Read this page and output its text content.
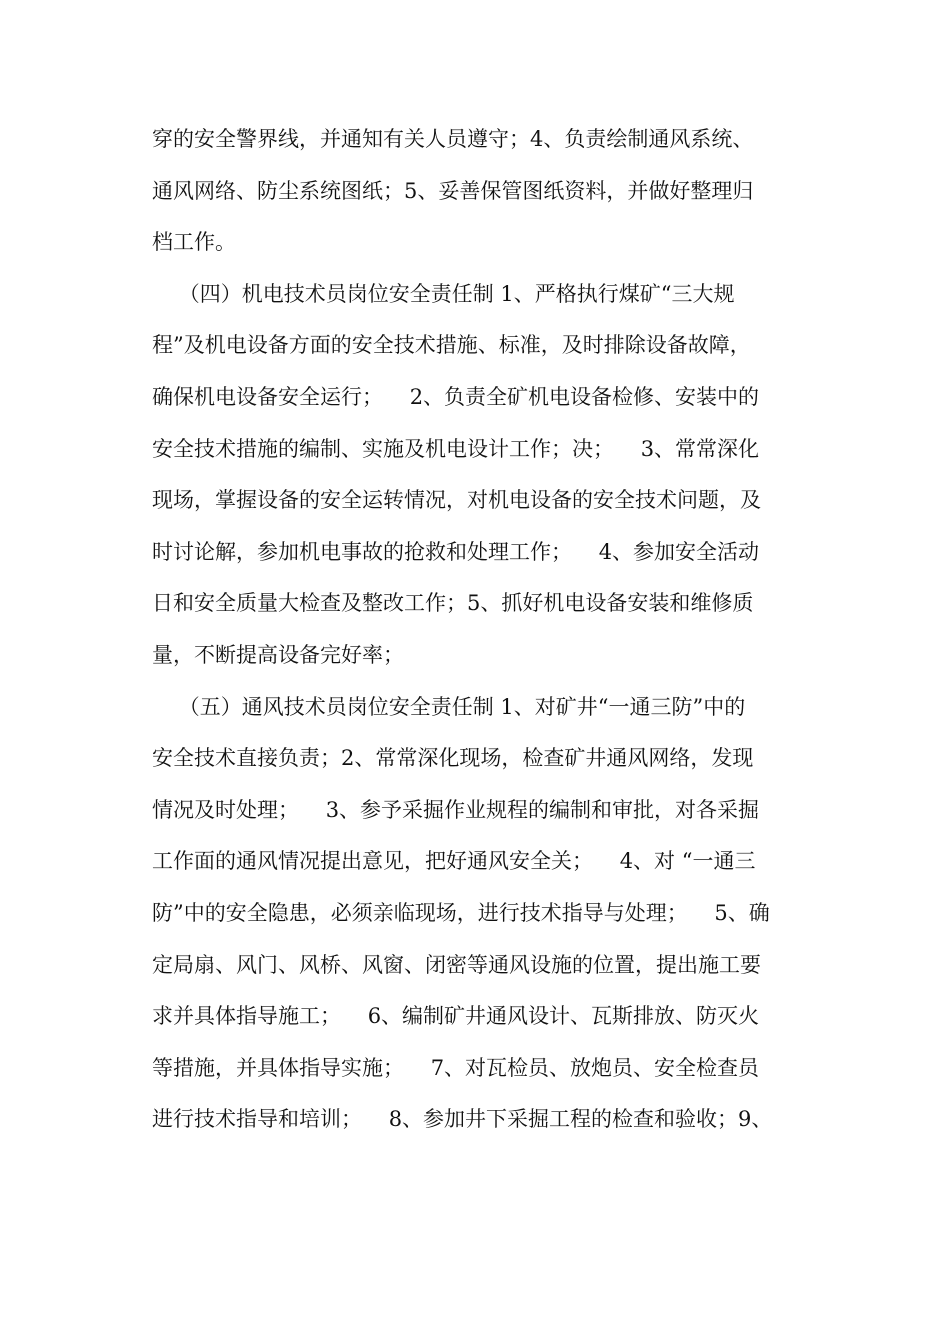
穿的安全警界线，并通知有关人员遵守；4、负责绘制通风系统、
通风网络、防尘系统图纸；5、妥善保管图纸资料，并做好整理归
档工作。
（四）机电技术员岗位安全责任制 1、严格执行煤矿“三大规
程”及机电设备方面的安全技术措施、标准，及时排除设备故障，
确保机电设备安全运行；    2、负责全矿机电设备检修、安装中的
安全技术措施的编制、实施及机电设计工作；决；    3、常常深化
现场，掌握设备的安全运转情况，对机电设备的安全技术问题，及
时讨论解，参加机电事故的抢救和处理工作；    4、参加安全活动
日和安全质量大检查及整改工作；5、抓好机电设备安装和维修质
量，不断提高设备完好率；
（五）通风技术员岗位安全责任制 1、对矿井“一通三防”中的
安全技术直接负责；2、常常深化现场，检查矿井通风网络，发现
情况及时处理；    3、参予采掘作业规程的编制和审批，对各采掘
工作面的通风情况提出意见，把好通风安全关；    4、对 “一通三
防”中的安全隐患，必须亲临现场，进行技术指导与处理；    5、确
定局扇、风门、风桥、风窗、闭密等通风设施的位置，提出施工要
求并具体指导施工；    6、编制矿井通风设计、瓦斯排放、防灭火
等措施，并具体指导实施；    7、对瓦检员、放炮员、安全检查员
进行技术指导和培训；    8、参加井下采掘工程的检查和验收；9、
